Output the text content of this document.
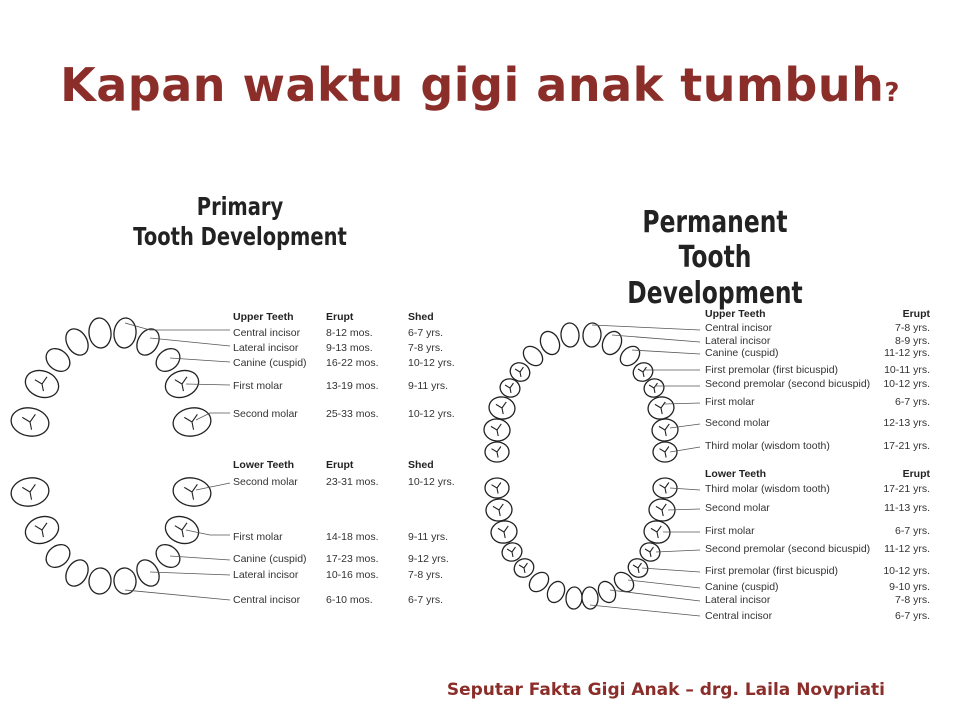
Kapan waktu gigi anak tumbuh?
Primary
Tooth Development	Permanent
Tooth Development
Upper Teeth	Erupt	Shed
Central incisor 8-12 mos.	6-7 yrs.
Lateral incisor	9-13 mos.	7-8 yrs.
Canine (cuspid) 16-22 mos.	10-12 yrs.
First molar	13-19 mos.	9-11 yrs.
Second molar	25-33 mos.	10-12 yrs.
Lower Teeth	Erupt	Shed
Second molar	23-31 mos.	10-12 yrs.
First molar	14-18 mos.	9-11 yrs.
Canine (cuspid) 17-23 mos.	9-12 yrs.
Lateral incisor	10-16 mos.	7-8 yrs.
Central incisor 6-10 mos.	6-7 yrs.
Upper Teeth	Erupt
Central incisor	7-8 yrs.
Lateral incisor	8-9 yrs.
Canine (cuspid)	11-12 yrs.
First premolar (first bicuspid)	10-11 yrs.
Second premolar (second bicuspid)	10-12 yrs.
First molar	6-7 yrs.
Second molar	12-13 yrs.
Third molar (wisdom tooth)	17-21 yrs.
Lower Teeth	Erupt
Third molar (wisdom tooth)	17-21 yrs.
Second molar	11-13 yrs.
First molar	6-7 yrs.
Second premolar (second bicuspid)	11-12 yrs.
First premolar (first bicuspid)	10-12 yrs.
Canine (cuspid)	9-10 yrs.
Lateral incisor	7-8 yrs.
Central incisor	6-7 yrs.
Seputar Fakta Gigi Anak – drg. Laila Novpriati
